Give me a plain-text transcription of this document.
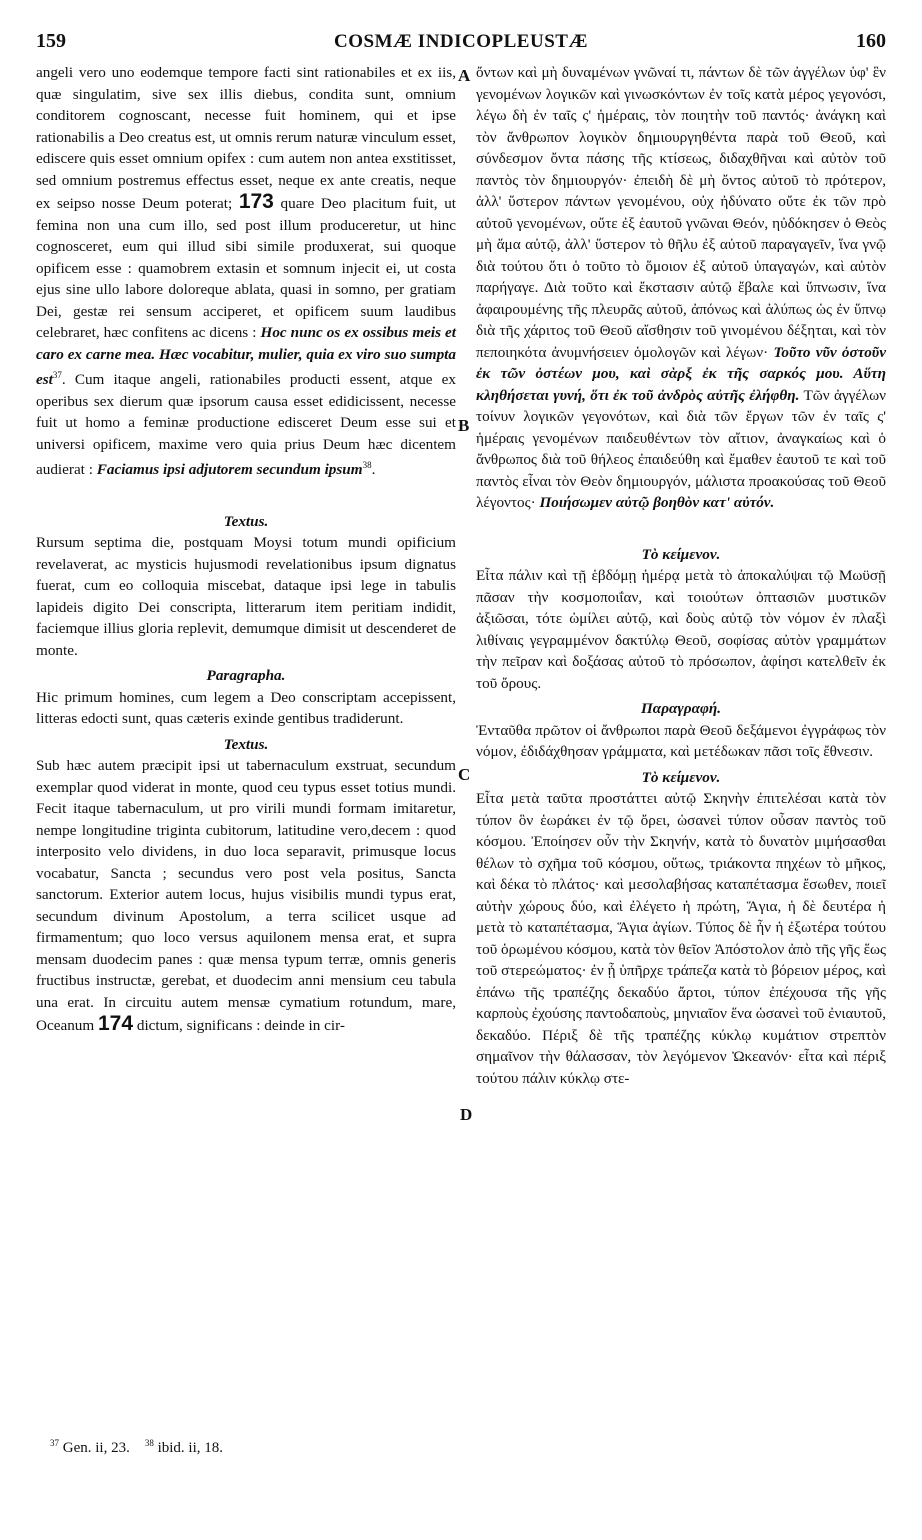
159	COSMÆ INDICOPLEUSTÆ	160
A
B
C
D

angeli vero uno eodemque tempore facti sint rationabiles et ex iis, quæ singulatim, sive sex illis diebus, condita sunt, omnium conditorem cognoscant, necesse fuit hominem, qui et ipse rationabilis a Deo creatus est, ut omnis rerum naturæ vinculum esset, ediscere quis esset omnium opifex : cum autem non antea exstitisset, sed omnium postremus effectus esset, neque ex ante creatis, neque ex seipso nosse Deum poterat; 173 quare Deo placitum fuit, ut femina non una cum illo, sed post illum produceretur, ut hinc cognosceret, eum qui illud sibi simile produxerat, sui quoque opificem esse : quamobrem extasin et somnum injecit ei, ut costa ejus sine ullo labore doloreque ablata, quasi in somno, per gratiam Dei, gestæ rei sensum acciperet, et opificem suum laudibus celebraret, hæc confitens ac dicens : Hoc nunc os ex ossibus meis et caro ex carne mea. Hæc vocabitur, mulier, quia ex viro suo sumpta est$^{37}$. Cum itaque angeli, rationabiles producti essent, atque ex operibus sex dierum quæ ipsorum causa esset edidicissent, necesse fuit ut homo a feminæ productione edisceret Deum esse sui et universi opificem, maxime vero quia prius Deum hæc dicentem audierat : Faciamus ipsi adjutorem secundum ipsum$^{38}$.

Textus.

Rursum septima die, postquam Moysi totum mundi opificium revelaverat, ac mysticis hujusmodi revelationibus ipsum dignatus fuerat, cum eo colloquia miscebat, dataque ipsi lege in tabulis lapideis digito Dei conscripta, litterarum item peritiam indidit, faciemque illius gloria replevit, demumque dimisit ut descenderet de monte.

Paragrapha.

Hic primum homines, cum legem a Deo conscriptam accepissent, litteras edocti sunt, quas cæteris exinde gentibus tradiderunt.

Textus.

Sub hæc autem præcipit ipsi ut tabernaculum exstruat, secundum exemplar quod viderat in monte, quod ceu typus esset totius mundi. Fecit itaque tabernaculum, ut pro virili mundi formam imitaretur, nempe longitudine triginta cubitorum, latitudine vero,decem : quod interposito velo dividens, in duo loca separavit, primusque locus vocabatur, Sancta ; secundus vero post vela positus, Sancta sanctorum. Exterior autem locus, hujus visibilis mundi typus erat, secundum divinum Apostolum, a terra scilicet usque ad firmamentum; quo loco versus aquilonem mensa erat, et supra mensam duodecim panes : quæ mensa typum terræ, omnis generis fructibus instructæ, gerebat, et duodecim anni mensium ceu tabula una erat. In circuitu autem mensæ cymatium rotundum, mare, Oceanum 174 dictum, significans : deinde in cir-

ὄντων καὶ μὴ δυναμένων γνῶναί τι, πάντων δὲ τῶν ἀγγέλων ὑφ' ἓν γενομένων λογικῶν καὶ γινωσκόντων ἐν τοῖς κατὰ μέρος γεγονόσι, λέγω δὴ ἐν ταῖς ς' ἡμέραις, τὸν ποιητὴν τοῦ παντός· ἀνάγκη καὶ τὸν ἄνθρωπον λογικὸν δημιουργηθέντα παρὰ τοῦ Θεοῦ, καὶ σύνδεσμον ὄντα πάσης τῆς κτίσεως, διδαχθῆναι καὶ αὐτὸν τοῦ παντὸς τὸν δημιουργόν· ἐπειδὴ δὲ μὴ ὄντος αὐτοῦ τὸ πρότερον, ἀλλ' ὕστερον πάντων γενομένου, οὐχ ἠδύνατο οὔτε ἐκ τῶν πρὸ αὐτοῦ γενομένων, οὔτε ἐξ ἑαυτοῦ γνῶναι Θεόν, ηὐδόκησεν ὁ Θεὸς μὴ ἅμα αὐτῷ, ἀλλ' ὕστερον τὸ θῆλυ ἐξ αὐτοῦ παραγαγεῖν, ἵνα γνῷ διὰ τούτου ὅτι ὁ τοῦτο τὸ ὅμοιον ἐξ αὐτοῦ ὑπαγαγών, καὶ αὐτὸν παρήγαγε. Διὰ τοῦτο καὶ ἔκστασιν αὐτῷ ἔβαλε καὶ ὕπνωσιν, ἵνα ἀφαιρουμένης τῆς πλευρᾶς αὐτοῦ, ἀπόνως καὶ ἀλύπως ὡς ἐν ὕπνῳ διὰ τῆς χάριτος τοῦ Θεοῦ αἴσθησιν τοῦ γινομένου δέξηται, καὶ τὸν πεποιηκότα ἀνυμνήσειεν ὁμολογῶν καὶ λέγων· Τοῦτο νῦν ὀστοῦν ἐκ τῶν ὀστέων μου, καὶ σὰρξ ἐκ τῆς σαρκός μου. Αὕτη κληθήσεται γυνή, ὅτι ἐκ τοῦ ἀνδρὸς αὐτῆς ἐλήφθη. Τῶν ἀγγέλων τοίνυν λογικῶν γεγονότων, καὶ διὰ τῶν ἔργων τῶν ἐν ταῖς ς' ἡμέραις γενομένων παιδευθέντων τὸν αἴτιον, ἀναγκαίως καὶ ὁ ἄνθρωπος διὰ τοῦ θήλεος ἐπαιδεύθη καὶ ἔμαθεν ἑαυτοῦ τε καὶ τοῦ παντὸς εἶναι τὸν Θεὸν δημιουργόν, μάλιστα προακούσας τοῦ Θεοῦ λέγοντος· Ποιήσωμεν αὐτῷ βοηθὸν κατ' αὐτόν.

Τὸ κείμενον.

Εἶτα πάλιν καὶ τῇ ἑβδόμῃ ἡμέρᾳ μετὰ τὸ ἀποκαλύψαι τῷ Μωϋσῇ πᾶσαν τὴν κοσμοποιΐαν, καὶ τοιούτων ὀπτασιῶν μυστικῶν ἀξιῶσαι, τότε ὡμίλει αὐτῷ, καὶ δοὺς αὐτῷ τὸν νόμον ἐν πλαξὶ λιθίναις γεγραμμένον δακτύλῳ Θεοῦ, σοφίσας αὐτὸν γραμμάτων τὴν πεῖραν καὶ δοξάσας αὐτοῦ τὸ πρόσωπον, ἀφίησι κατελθεῖν ἐκ τοῦ ὄρους.

Παραγραφή.

Ἐνταῦθα πρῶτον οἱ ἄνθρωποι παρὰ Θεοῦ δεξάμενοι ἐγγράφως τὸν νόμον, ἐδιδάχθησαν γράμματα, καὶ μετέδωκαν πᾶσι τοῖς ἔθνεσιν.

Τὸ κείμενον.

Εἶτα μετὰ ταῦτα προστάττει αὐτῷ Σκηνὴν ἐπιτελέσαι κατὰ τὸν τύπον ὃν ἑωράκει ἐν τῷ ὄρει, ὡσανεὶ τύπον οὖσαν παντὸς τοῦ κόσμου. Ἐποίησεν οὖν τὴν Σκηνήν, κατὰ τὸ δυνατὸν μιμήσασθαι θέλων τὸ σχῆμα τοῦ κόσμου, οὕτως, τριάκοντα πηχέων τὸ μῆκος, καὶ δέκα τὸ πλάτος· καὶ μεσολαβήσας καταπέτασμα ἔσωθεν, ποιεῖ αὐτὴν χώρους δύο, καὶ ἐλέγετο ἡ πρώτη, Ἅγια, ἡ δὲ δευτέρα ἡ μετὰ τὸ καταπέτασμα, Ἅγια ἁγίων. Τύπος δὲ ἦν ἡ ἐξωτέρα τούτου τοῦ ὁρωμένου κόσμου, κατὰ τὸν θεῖον Ἀπόστολον ἀπὸ τῆς γῆς ἕως τοῦ στερεώματος· ἐν ᾗ ὑπῆρχε τράπεζα κατὰ τὸ βόρειον μέρος, καὶ ἐπάνω τῆς τραπέζης δεκαδύο ἄρτοι, τύπον ἐπέχουσα τῆς γῆς καρποὺς ἐχούσης παντοδαποὺς, μηνιαῖον ἕνα ὡσανεὶ τοῦ ἐνιαυτοῦ, δεκαδύο. Πέριξ δὲ τῆς τραπέζης κύκλῳ κυμάτιον στρεπτὸν σημαῖνον τὴν θάλασσαν, τὸν λεγόμενον Ὠκεανόν· εἶτα καὶ πέριξ τούτου πάλιν κύκλῳ στε-

$^{37}$ Gen. ii, 23. $^{38}$ ibid. ii, 18.
